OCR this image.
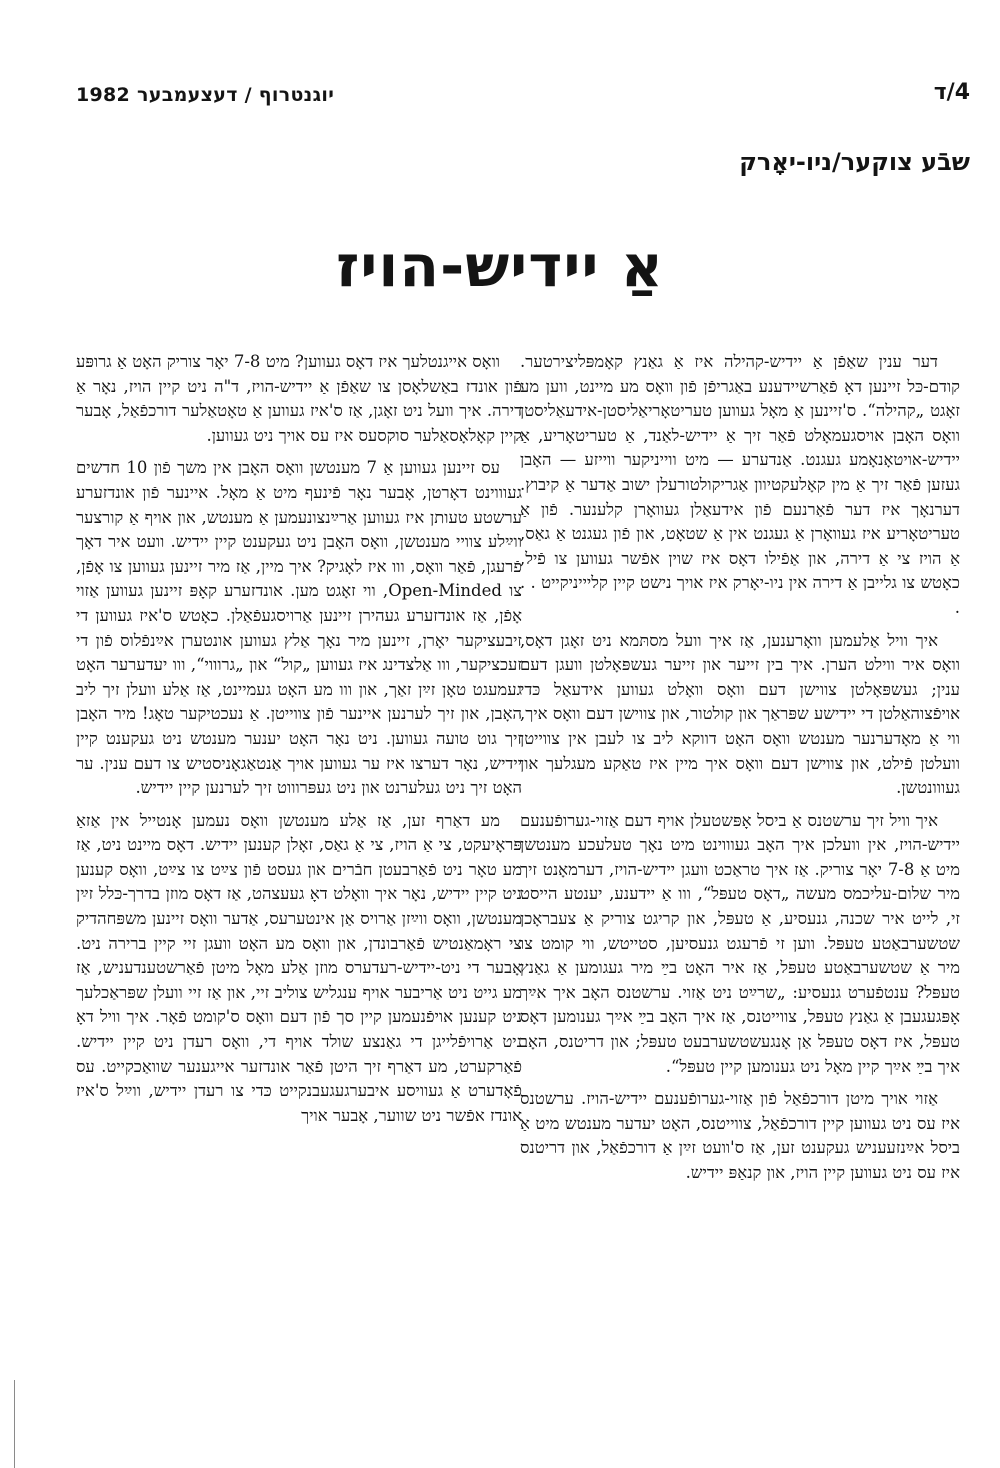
יוגנטרוף / דעצעמבער 1982	4/ד
שבֿע צוקער/ניו-יאָרק
אַ יידיש-הויז

דער ענין שאַפֿן אַ יידיש-קהילה איז אַ גאַנץ קאָמפּליצירטער. קודם-כּל זיינען דאָ פֿאַרשיידענע באַגריפֿן פֿון וואָס מע מיינט, ווען מע זאָגט „קהילה“. ס'זיינען אַ מאָל געווען טעריטאָריאַליסטן-אידעאַליסטן וואָס האָבן אויסגעמאָלט פֿאַר זיך אַ יידיש-לאַנד, אַ טעריטאָריע, אַ יידיש-אויטאָנאָמע געגנט. אַנדערע — מיט ווייניקער ווייזע — האָבן געזען פֿאַר זיך אַ מין קאָלעקטיוון אַגריקולטורעלן ישוב אַדער אַ קיבוץ. דערנאָך איז דער פֿאַרנעם פֿון אידעאַלן געוואָרן קלענער. פֿון אַ טעריטאָריע איז געוואָרן אַ געגנט אין אַ שטאָט, און פֿון געגנט אַ גאַס, אַ הויז צי אַ דירה, און אַפֿילו דאָס איז שוין אפֿשר געווען צו פֿיל, כאָטש צו גלייבן אַ דירה אין ניו-יאָרק איז אויך נישט קיין קליייניקייט . . .

איך וויל אַלעמען וואָרענען, אַז איך וועל מסתּמא ניט זאָגן דאָס, וואָס איר ווילט הערן. איך בין זייער און זייער געשפּאָלטן וועגן דעם ענין; געשפּאָלטן צווישן דעם וואָס וואָלט געווען אידעאַל כּדי אויפֿצוהאַלטן די יידישע שפּראַך און קולטור, און צווישן דעם וואָס איך, ווי אַ מאָדערנער מענטש וואָס האָט דווקא ליב צו לעבן אין צווייטן וועלטן פֿילט, און צווישן דעם וואָס איך מיין איז טאַקע מעגלעך און געווונטשן.

איך וויל זיך ערשטנס אַ ביסל אָפּשטעלן אויף דעם אַזוי-גערופֿענעם יידיש-הויז, אין וועלכן איך האָב געוווינט מיט נאָך טעלעכע מענטשן מיט אַ 7-8 יאָר צוריק. אַז איך טראַכט וועגן יידיש-הויז, דערמאָנט זיך מיר שלום-עליכמס מעשה „דאָס טעפּל“, ווו אַ יידענע, יענטע הייסט זי, לייט איר שכנה, גנעסיע, אַ טעפּל, און קריגט צוריק אַ צעבראָכן שטשערבאַטע טעפּל. ווען זי פֿרעגט גנעסיען, סטייטש, ווי קומט צו מיר אַ שטשערבאַטע טעפּל, אַז איר האָט בײַ מיר געגומען אַ גאַנץ טעפּל? ענטפֿערט גנעסיע: „שרײַט ניט אַזוי. ערשטנס האָב איך אײַך אָפּגעגעבן אַ גאַנץ טעפּל, צווייטנס, אַז איך האָב בײַ אײַך גענומען דאָס טעפּל, איז דאָס טעפּל אַן אָנגעשטשערבעט טעפּל; און דריטנס, האָב איך בײַ אײַך קיין מאָל ניט גענומען קיין טעפּל“.

אַזוי אויך מיטן דורכפֿאַל פֿון אַזוי-גערופֿענעם יידיש-הויז. ערשטנס איז עס ניט געווען קיין דורכפֿאַל, צווייטנס, האָט יעדער מענטש מיט אַ ביסל אײַנזעעניש געקענט זען, אַז ס'וועט זײַן אַ דורכפֿאַל, און דריטנס איז עס ניט געווען קיין הויז, און קנאַפּ יידיש.

וואָס אייגנטלעך איז דאָס געווען? מיט 7-8 יאָר צוריק האָט אַ גרופּע פֿון אונדז באַשלאָסן צו שאַפֿן אַ יידיש-הויז, ד"ה ניט קיין הויז, נאָר אַ דירה. איך וועל ניט זאָגן, אַז ס'איז געווען אַ טאָטאַלער דורכפֿאַל, אָבער קיין קאָלאָסאַלער סוקסעס איז עס אויך ניט געווען.

עס זיינען געווען אַ 7 מענטשן וואָס האָבן אין משך פֿון 10 חדשים געוווינט דאָרטן, אָבער נאָר פֿינעף מיט אַ מאָל. איינער פֿון אונדזערע ערשטע טעותן איז געווען אַרײַנצונעמען אַ מענטש, און אויף אַ קורצער ווײַלע צוויי מענטשן, וואָס האָבן ניט געקענט קיין יידיש. וועט איר דאָך פֿרעגן, פֿאַר וואָס, ווו איז לאָגיק? איך מיין, אַז מיר זיינען געווען צו אָפֿן, צו Open-Minded, ווי זאָגט מען. אונדזערע קאָפּ זיינען געווען אַזוי אָפֿן, אַז אונדזערע געהירן זיינען אַרויסגעפֿאַלן. כאָטש ס'איז געווען די זיבעציקער יאָרן, זיינען מיר נאָך אַלץ געווען אונטערן אײַנפֿלוס פֿון די זעכציקער, ווו אַלצדינג איז געווען „קול“ און „גרוווי“, ווו יעדערער האָט געמעגט טאָן זײַן זאַך, און ווו מע האָט געמיינט, אַז אַלע וועלן זיך ליב האָבן, און זיך לערנען איינער פֿון צווייטן. אַ נעכטיקער טאָג! מיר האָבן זיך גוט טועה געווען. ניט נאָר האָט יענער מענטש ניט געקענט קיין יידיש, נאָר דערצו איז ער געווען אויך אַנטאַגאָניסטיש צו דעם ענין. ער האָט זיך ניט געלערנט און ניט געפּרוווט זיך לערנען קיין יידיש.

מע דאַרף זען, אַז אַלע מענטשן וואָס נעמען אָנטייל אין אַזאַ פּראָיעקט, צי אַ הויז, צי אַ גאַס, זאָלן קענען יידיש. דאָס מיינט ניט, אַז מע טאָר ניט פֿאַרבעטן חבֿרים און געסט פֿון צײַט צו צײַט, וואָס קענען ניט קיין יידיש, נאָר איך וואָלט דאָ געעצהט, אַז דאָס מוזן בדרך-כּלל זײַן מענטשן, וואָס ווײַזן אַרויס אַן אינטערעס, אַדער וואָס זיינען משפּחהדיק צי ראָמאַנטיש פֿאַרבונדן, און וואָס מע האָט וועגן זיי קיין ברירה ניט. אָבער די ניט-יידיש-רעדערס מוזן אַלע מאָל מיטן פֿאַרשטענדעניש, אַז מע גייט ניט אַריבער אויף ענגליש צוליב זיי, און אַז זיי וועלן שפּראַכלעך ניט קענען אויפֿנעמען קיין סך פֿון דעם וואָס ס'קומט פֿאָר. איך וויל דאָ ניט אַרויפֿלייגן די גאַנצע שולד אויף די, וואָס רעדן ניט קיין יידיש. פֿאַרקערט, מע דאַרף זיך היטן פֿאַר אונדזער אייגענער שוואַכקייט. עס פֿאָדערט אַ געוויסע איבערגעגעבנקייט כּדי צו רעדן יידיש, ווײַל ס'איז אונדז אפֿשר ניט שווער, אָבער אויך
